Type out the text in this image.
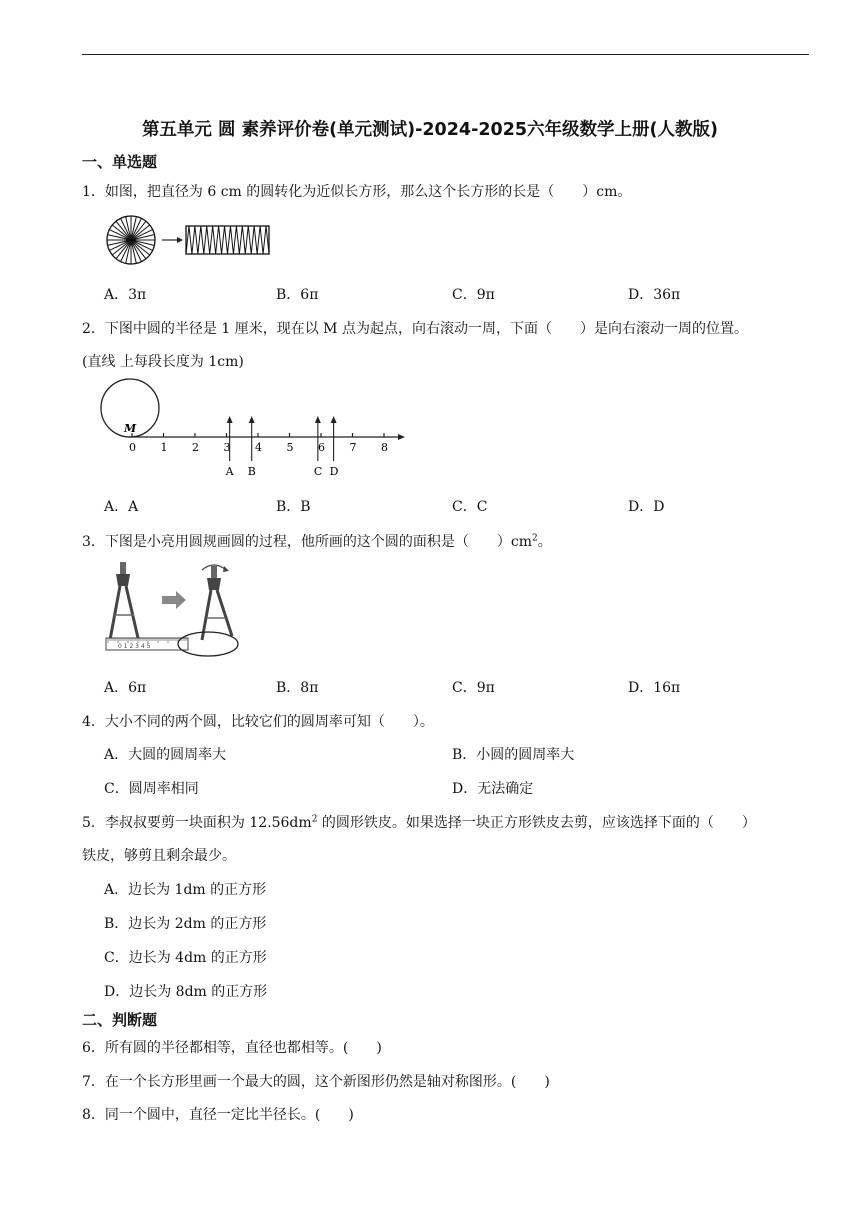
第五单元 圆 素养评价卷(单元测试)-2024-2025六年级数学上册(人教版)
一、单选题
1．如图，把直径为 6 cm 的圆转化为近似长方形，那么这个长方形的长是（　　）cm。
A．3π	B．6π	C．9π	D．36π
2．下图中圆的半径是 1 厘米，现在以 M 点为起点，向右滚动一周，下面（　　）是向右滚动一周的位置。
(直线 上每段长度为 1cm)
M
0 1 2 3 4 5 6 7 8
A B	C D
A．A	B．B	C．C	D．D
3．下图是小亮用圆规画圆的过程，他所画的这个圆的面积是（　　）$cm^2$。
0 1 2 3 4 5
A．6π	B．8π	C．9π	D．16π
4．大小不同的两个圆，比较它们的圆周率可知（　　）。
A．大圆的圆周率大	B．小圆的圆周率大
C．圆周率相同	D．无法确定
5．李叔叔要剪一块面积为 $12.56dm^2$ 的圆形铁皮。如果选择一块正方形铁皮去剪，应该选择下面的（　　）
铁皮，够剪且剩余最少。
A．边长为 1dm 的正方形
B．边长为 2dm 的正方形
C．边长为 4dm 的正方形
D．边长为 8dm 的正方形
二、判断题
6．所有圆的半径都相等，直径也都相等。(　　)
7．在一个长方形里画一个最大的圆，这个新图形仍然是轴对称图形。(　　)
8．同一个圆中，直径一定比半径长。(　　)
